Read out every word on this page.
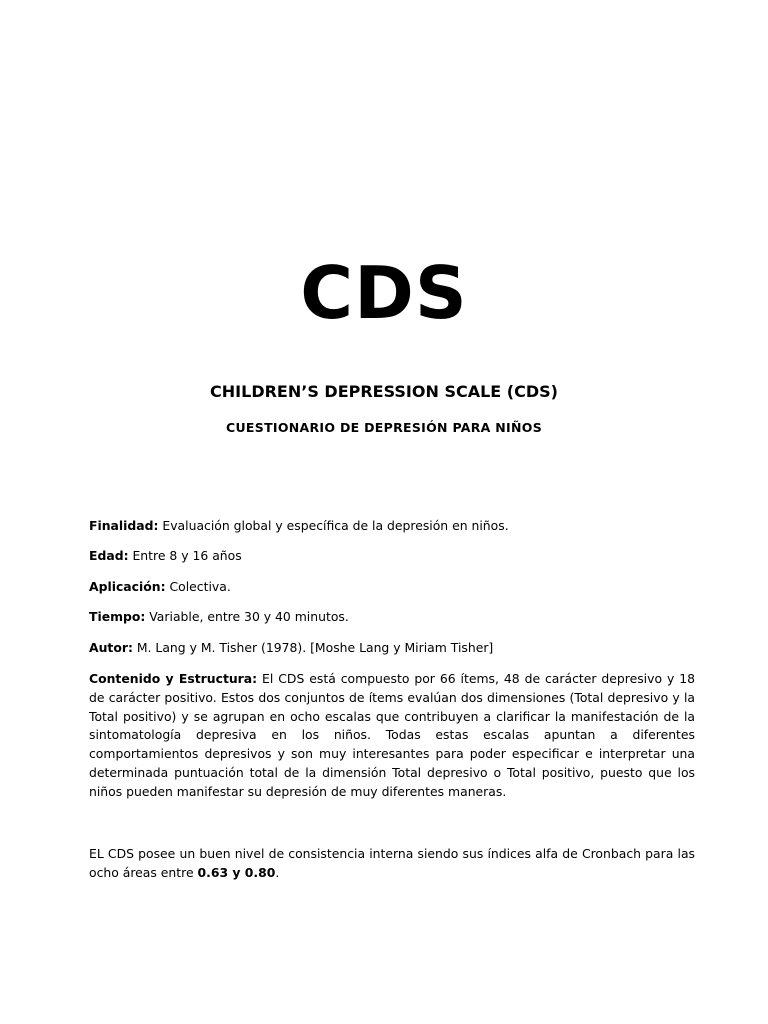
CDS
CHILDREN’S DEPRESSION SCALE (CDS)
CUESTIONARIO DE DEPRESIÓN PARA NIÑOS
Finalidad: Evaluación global y específica de la depresión en niños.
Edad: Entre 8 y 16 años
Aplicación: Colectiva.
Tiempo: Variable, entre 30 y 40 minutos.
Autor: M. Lang y M. Tisher (1978). [Moshe Lang y Miriam Tisher]
Contenido y Estructura: El CDS está compuesto por 66 ítems, 48 de carácter depresivo y 18 de carácter positivo. Estos dos conjuntos de ítems evalúan dos dimensiones (Total depresivo y la Total positivo) y se agrupan en ocho escalas que contribuyen a clarificar la manifestación de la sintomatología depresiva en los niños. Todas estas escalas apuntan a diferentes comportamientos depresivos y son muy interesantes para poder especificar e interpretar una determinada puntuación total de la dimensión Total depresivo o Total positivo, puesto que los niños pueden manifestar su depresión de muy diferentes maneras.
EL CDS posee un buen nivel de consistencia interna siendo sus índices alfa de Cronbach para las ocho áreas entre 0.63 y 0.80.
